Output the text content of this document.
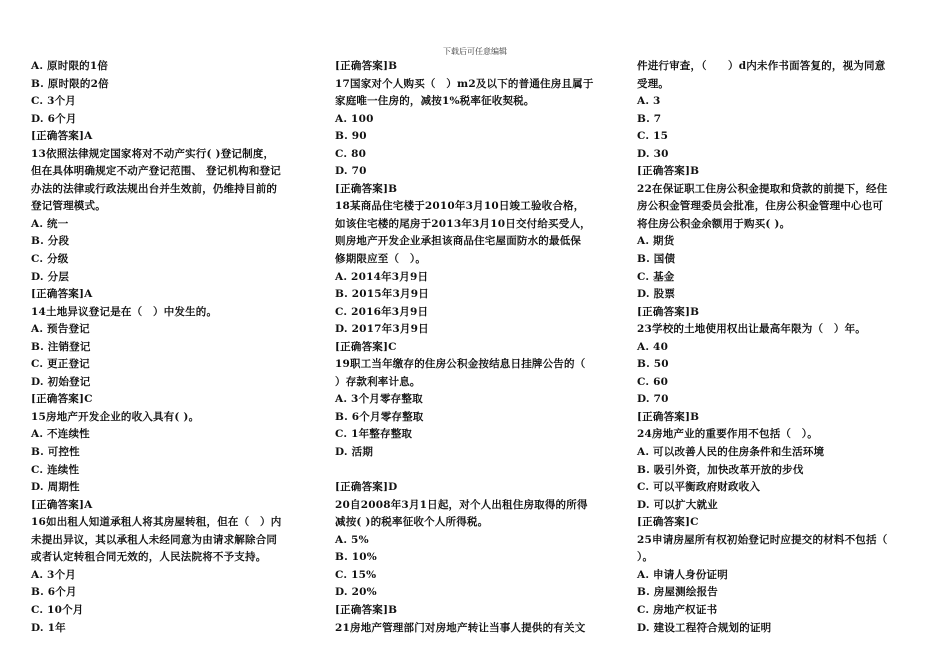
下载后可任意编辑
A. 原时限的1倍
B. 原时限的2倍
C. 3个月
D. 6个月
[正确答案]A
13依照法律规定国家将对不动产实行( )登记制度，
但在具体明确规定不动产登记范围、 登记机构和登记
办法的法律或行政法规出台并生效前，仍维持目前的
登记管理模式。
A. 统一
B. 分段
C. 分级
D. 分层
[正确答案]A
14土地异议登记是在（　）中发生的。
A. 预告登记
B. 注销登记
C. 更正登记
D. 初始登记
[正确答案]C
15房地产开发企业的收入具有( )。
A. 不连续性
B. 可控性
C. 连续性
D. 周期性
[正确答案]A
16如出租人知道承租人将其房屋转租，但在（　）内
未提出异议，其以承租人未经同意为由请求解除合同
或者认定转租合同无效的，人民法院将不予支持。
A. 3个月
B. 6个月
C. 10个月
D. 1年
[正确答案]B
17国家对个人购买（　）m2及以下的普通住房且属于
家庭唯一住房的，减按1%税率征收契税。
A. 100
B. 90
C. 80
D. 70
[正确答案]B
18某商品住宅楼于2010年3月10日竣工验收合格，
如该住宅楼的尾房于2013年3月10日交付给买受人，
则房地产开发企业承担该商品住宅屋面防水的最低保
修期限应至（　）。
A. 2014年3月9日
B. 2015年3月9日
C. 2016年3月9日
D. 2017年3月9日
[正确答案]C
19职工当年缴存的住房公积金按结息日挂牌公告的（
）存款利率计息。
A. 3个月零存整取
B. 6个月零存整取
C. 1年整存整取
D. 活期
[正确答案]D
20自2008年3月1日起，对个人出租住房取得的所得
减按( )的税率征收个人所得税。
A. 5%
B. 10%
C. 15%
D. 20%
[正确答案]B
21房地产管理部门对房地产转让当事人提供的有关文
件进行审查，（　　）d内未作书面答复的，视为同意
受理。
A. 3
B. 7
C. 15
D. 30
[正确答案]B
22在保证职工住房公积金提取和贷款的前提下，经住
房公积金管理委员会批准，住房公积金管理中心也可
将住房公积金余额用于购买( )。
A. 期货
B. 国债
C. 基金
D. 股票
[正确答案]B
23学校的土地使用权出让最高年限为（　）年。
A. 40
B. 50
C. 60
D. 70
[正确答案]B
24房地产业的重要作用不包括（　）。
A. 可以改善人民的住房条件和生活环境
B. 吸引外资，加快改革开放的步伐
C. 可以平衡政府财政收入
D. 可以扩大就业
[正确答案]C
25申请房屋所有权初始登记时应提交的材料不包括（
）。
A. 申请人身份证明
B. 房屋测绘报告
C. 房地产权证书
D. 建设工程符合规划的证明
